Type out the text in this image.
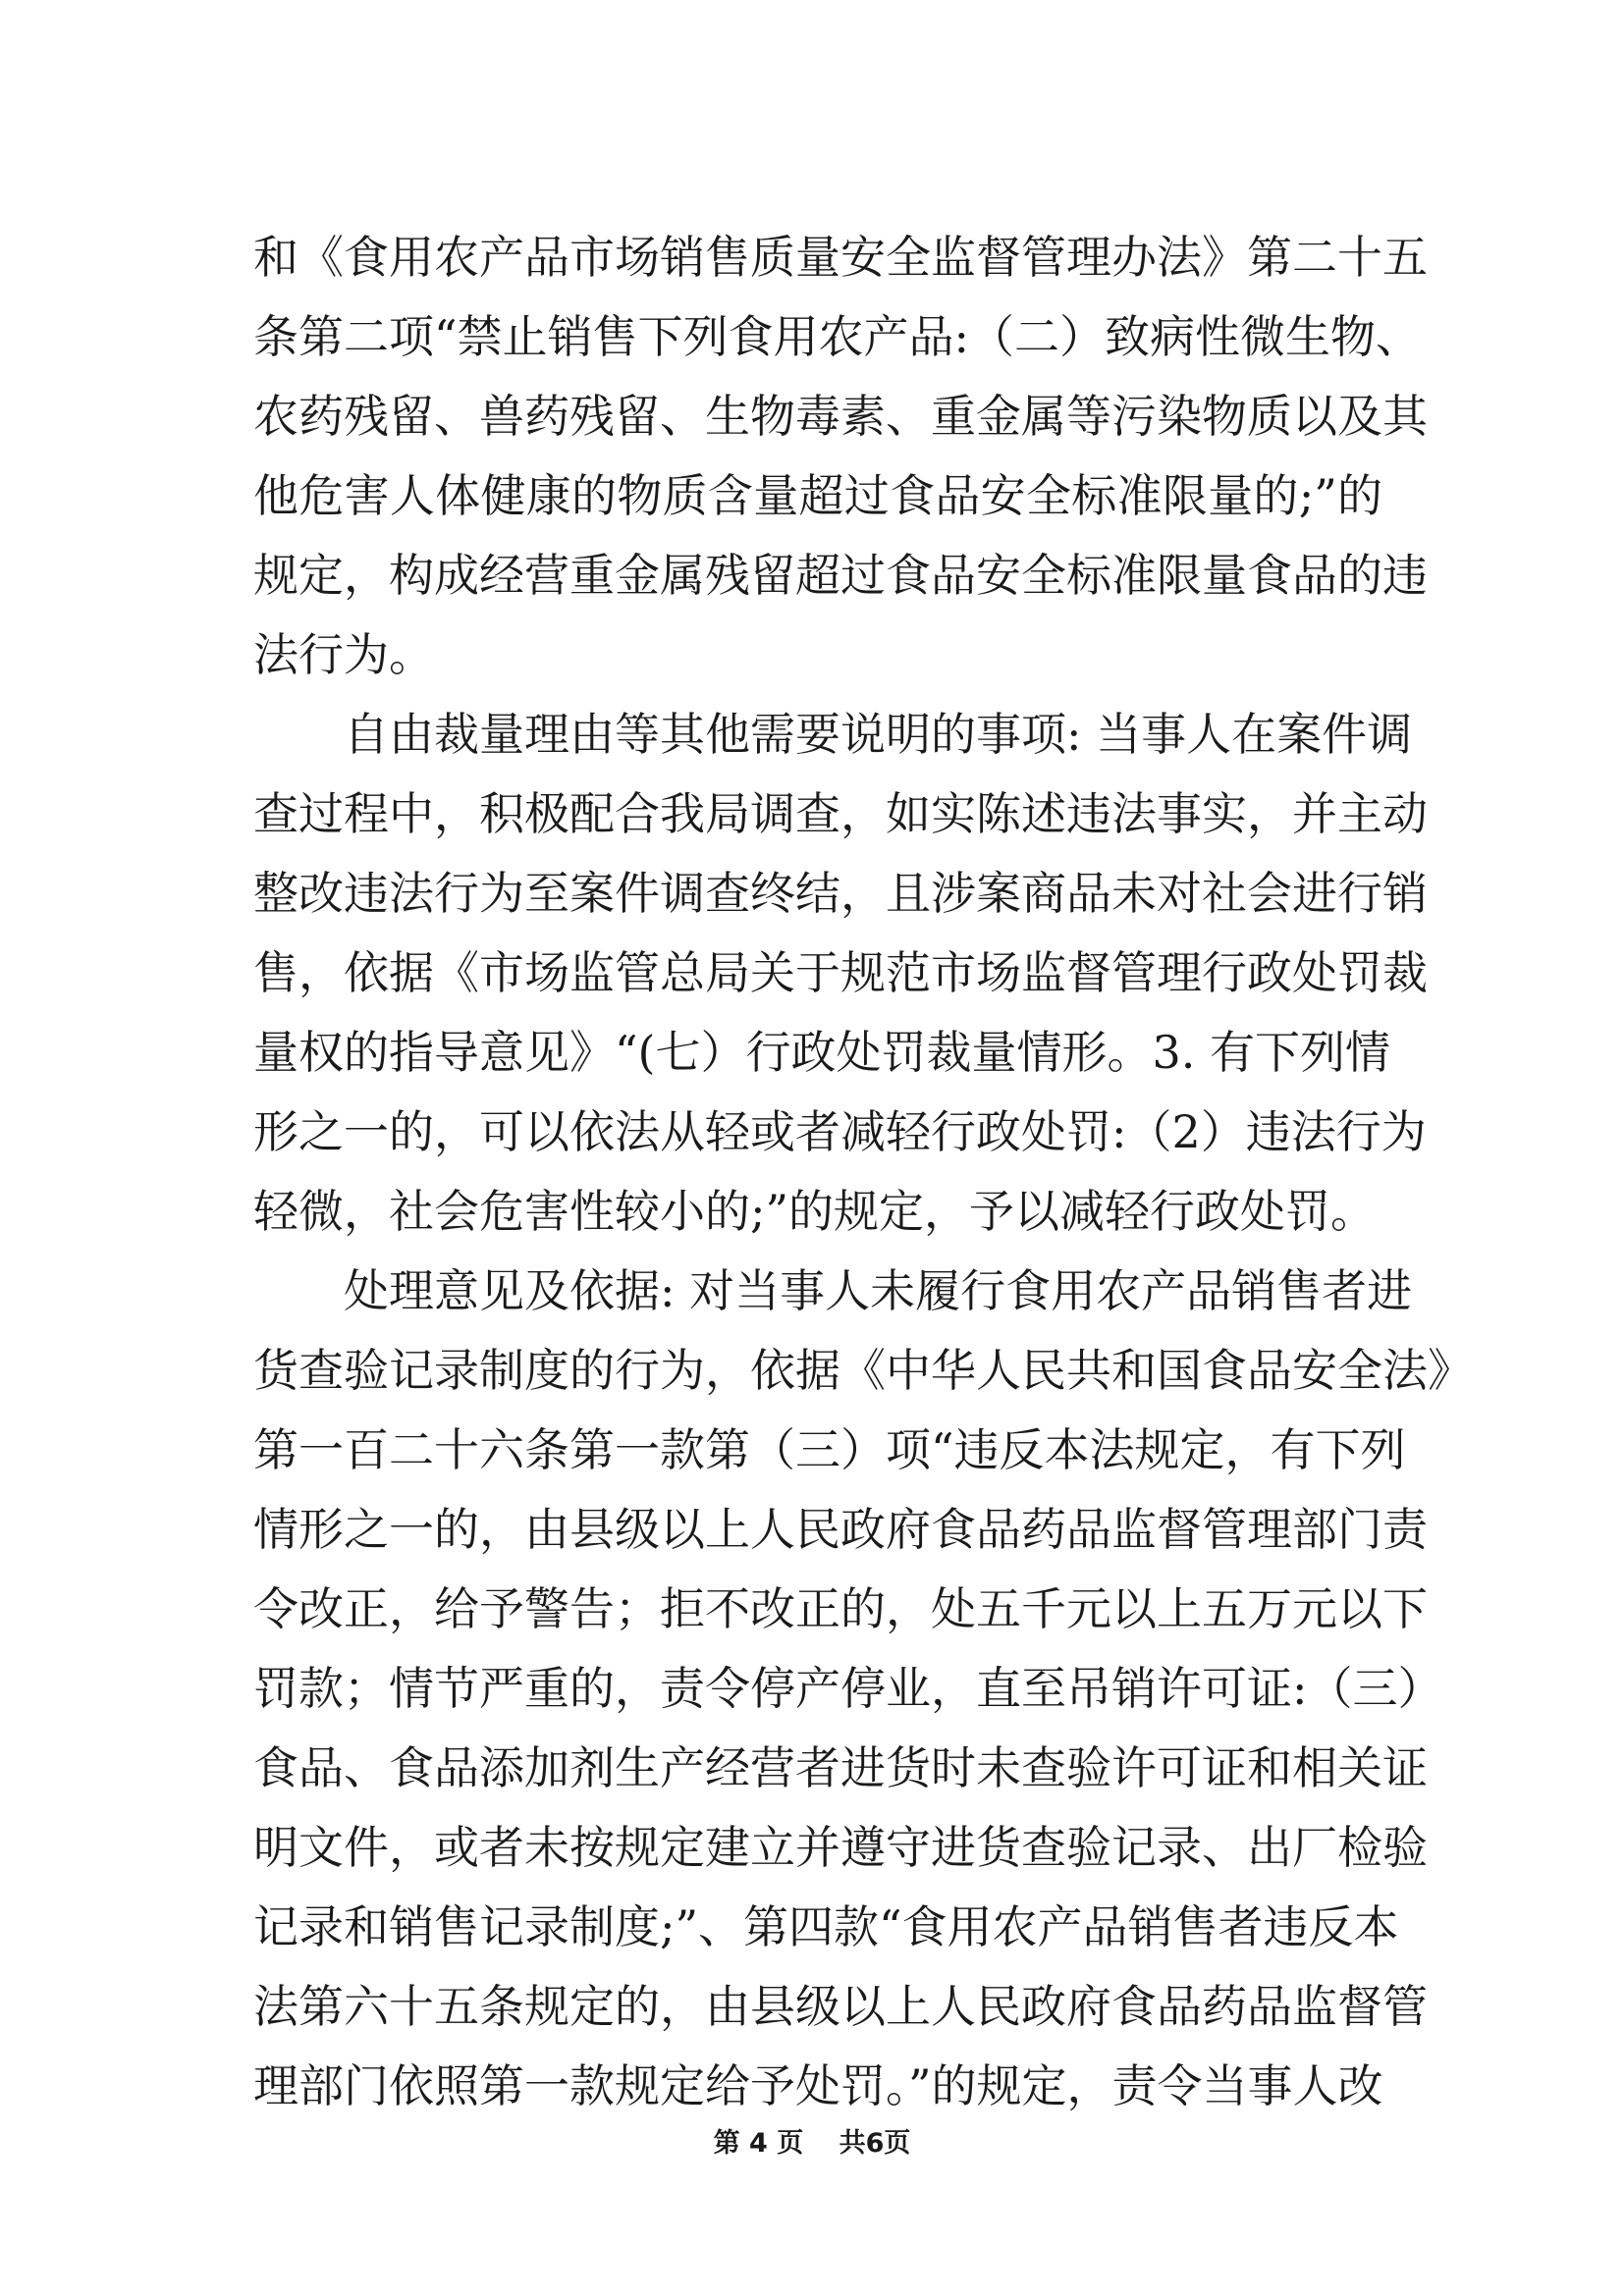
和《食用农产品市场销售质量安全监督管理办法》第二十五
条第二项“禁止销售下列食用农产品:（二）致病性微生物、
农药残留、兽药残留、生物毒素、重金属等污染物质以及其
他危害人体健康的物质含量超过食品安全标准限量的;”的
规定，构成经营重金属残留超过食品安全标准限量食品的违
法行为。
自由裁量理由等其他需要说明的事项: 当事人在案件调
查过程中，积极配合我局调查，如实陈述违法事实，并主动
整改违法行为至案件调查终结，且涉案商品未对社会进行销
售，依据《市场监管总局关于规范市场监督管理行政处罚裁
量权的指导意见》“(七）行政处罚裁量情形。3. 有下列情
形之一的，可以依法从轻或者减轻行政处罚:（2）违法行为
轻微，社会危害性较小的;”的规定，予以减轻行政处罚。
处理意见及依据: 对当事人未履行食用农产品销售者进
货查验记录制度的行为，依据《中华人民共和国食品安全法》
第一百二十六条第一款第（三）项“违反本法规定，有下列
情形之一的，由县级以上人民政府食品药品监督管理部门责
令改正，给予警告；拒不改正的，处五千元以上五万元以下
罚款；情节严重的，责令停产停业，直至吊销许可证:（三）
食品、食品添加剂生产经营者进货时未查验许可证和相关证
明文件，或者未按规定建立并遵守进货查验记录、出厂检验
记录和销售记录制度;”、第四款“食用农产品销售者违反本
法第六十五条规定的，由县级以上人民政府食品药品监督管
理部门依照第一款规定给予处罚。”的规定，责令当事人改
第 4 页　 共6页
